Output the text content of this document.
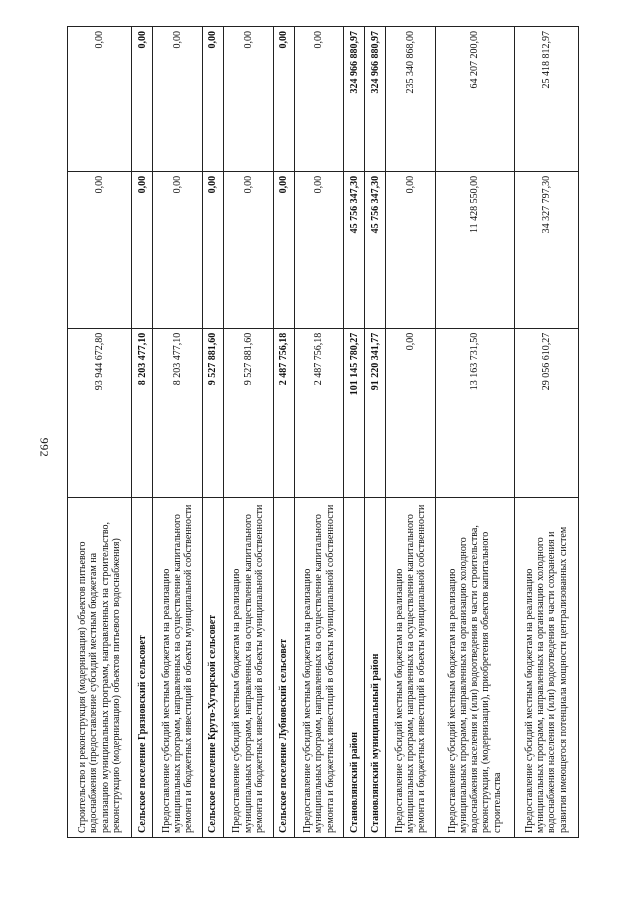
992
Строительство и реконструкция (модернизация) объектов питьевого водоснабжения (предоставление субсидий местным бюджетам на реализацию муниципальных программ, направленных на строительство, реконструкцию (модернизацию) объектов питьевого водоснабжения)	93 944 672,80	0,00	0,00
Сельское поселение Грязновский сельсовет	8 203 477,10	0,00	0,00
Предоставление субсидий местным бюджетам на реализацию муниципальных программ, направленных на осуществление капитального ремонта и бюджетных инвестиций в объекты муниципальной собственности	8 203 477,10	0,00	0,00
Сельское поселение Круто-Хуторской сельсовет	9 527 881,60	0,00	0,00
Предоставление субсидий местным бюджетам на реализацию муниципальных программ, направленных на осуществление капитального ремонта и бюджетных инвестиций в объекты муниципальной собственности	9 527 881,60	0,00	0,00
Сельское поселение Лубновский сельсовет	2 487 756,18	0,00	0,00
Предоставление субсидий местным бюджетам на реализацию муниципальных программ, направленных на осуществление капитального ремонта и бюджетных инвестиций в объекты муниципальной собственности	2 487 756,18	0,00	0,00
Становлянский район	101 145 780,27	45 756 347,30	324 966 880,97
Становлянский муниципальный район	91 220 341,77	45 756 347,30	324 966 880,97
Предоставление субсидий местным бюджетам на реализацию муниципальных программ, направленных на осуществление капитального ремонта и бюджетных инвестиций в объекты муниципальной собственности	0,00	0,00	235 340 868,00
Предоставление субсидий местным бюджетам на реализацию муниципальных программ, направленных на организацию холодного водоснабжения населения и (или) водоотведения в части строительства, реконструкции, (модернизации), приобретения объектов капитального строительства	13 163 731,50	11 428 550,00	64 207 200,00
Предоставление субсидий местным бюджетам на реализацию муниципальных программ, направленных на организацию холодного водоснабжения населения и (или) водоотведения в части сохранения и развития имеющегося потенциала мощности централизованных систем	29 056 610,27	34 327 797,30	25 418 812,97
